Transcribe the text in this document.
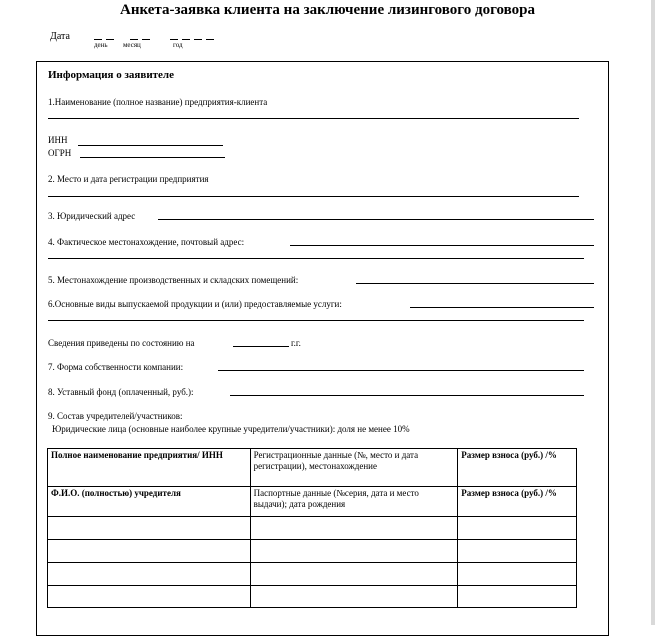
Анкета-заявка клиента на заключение лизингового договора
Дата
день месяц	год
Информация о заявителе
1.Наименование (полное название) предприятия-клиента
ИНН
ОГРН
2. Место и дата регистрации предприятия
3. Юридический адрес
4. Фактическое местонахождение, почтовый адрес:
5. Местонахождение производственных и складских помещений:
6.Основные виды выпускаемой продукции и (или) предоставляемые услуги:
Сведения приведены по состоянию на	г.г.
7. Форма собственности компании:
8. Уставный фонд (оплаченный, руб.):
9. Состав учредителей/участников:
Юридические лица (основные наиболее крупные учредители/участники): доля не менее 10%
Полное наименование предприятия/ ИНН	Регистрационные данные (№, место и дата регистрации), местонахождение	Размер взноса (руб.) /%
Ф.И.О. (полностью) учредителя	Паспортные данные (№серия, дата и место выдачи); дата рождения	Размер взноса (руб.) /%
